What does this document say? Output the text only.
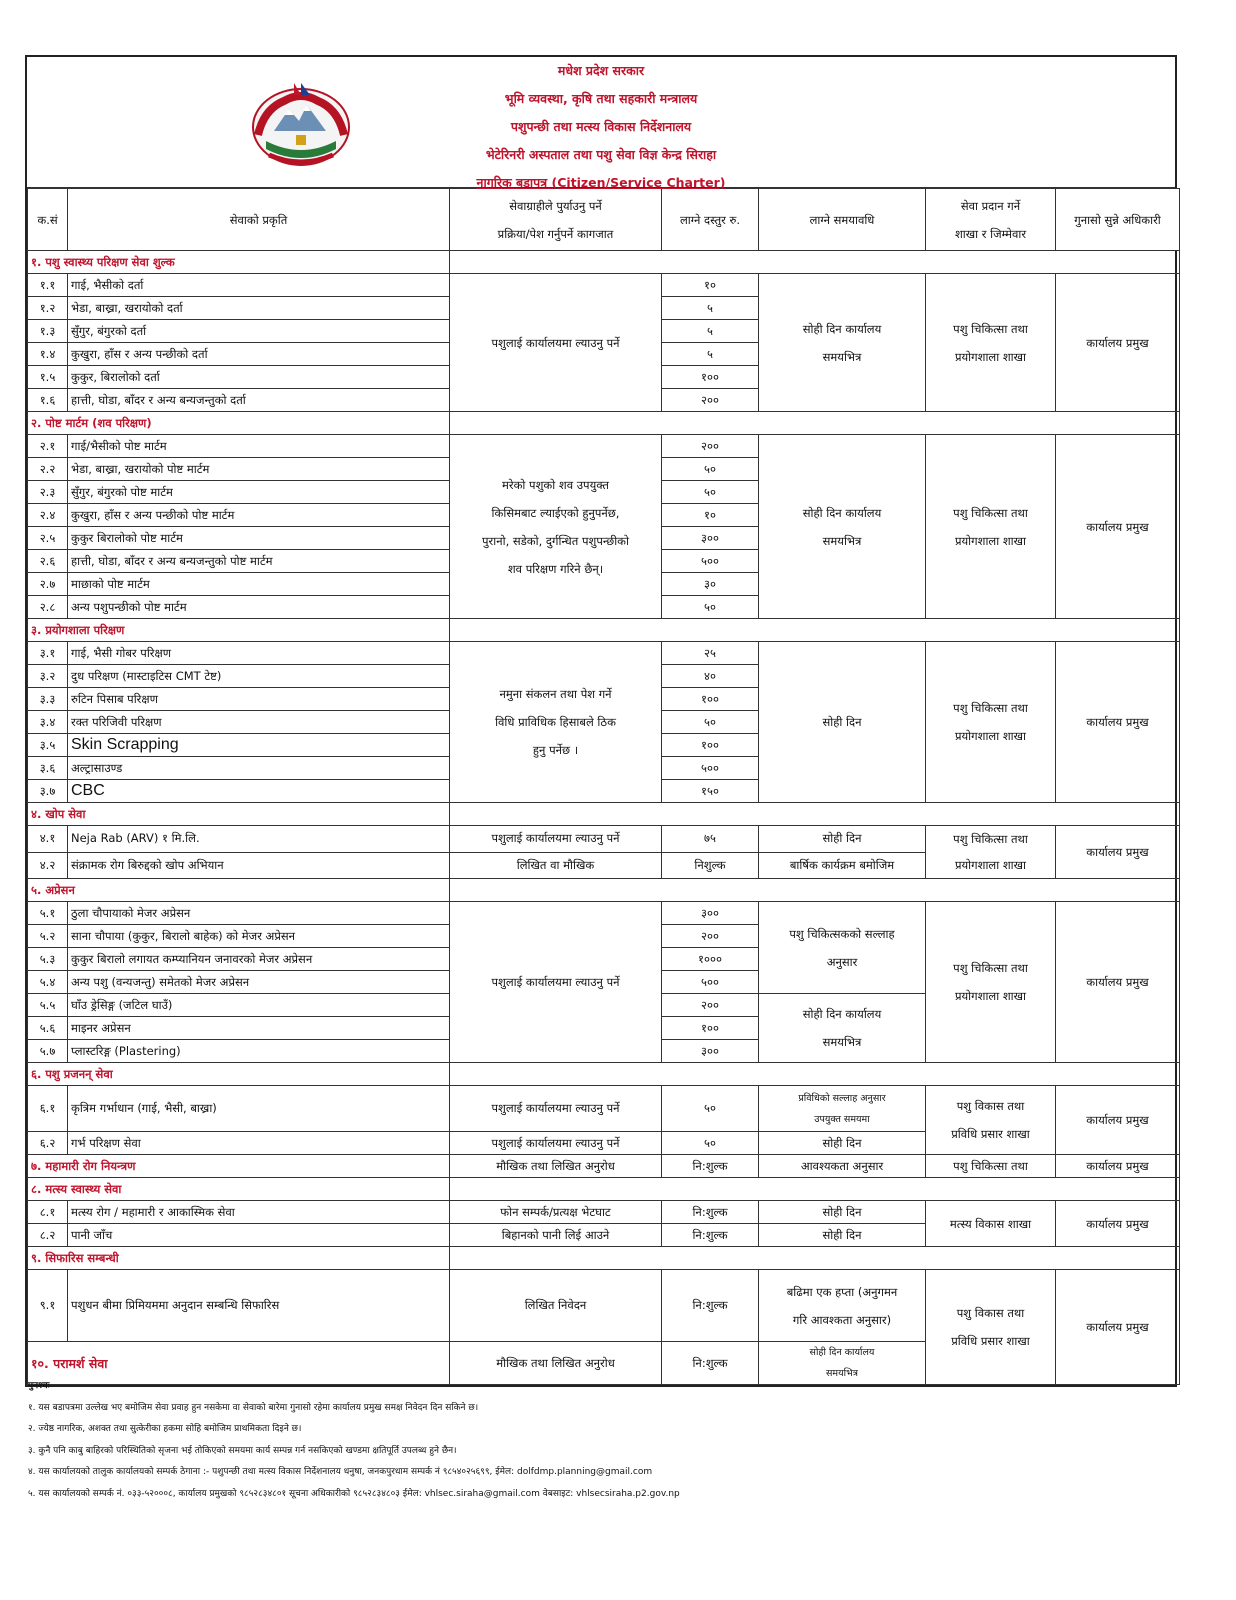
मधेश प्रदेश सरकार
भूमि व्यवस्था, कृषि तथा सहकारी मन्त्रालय
पशुपन्छी तथा मत्स्य विकास निर्देशनालय
भेटेरिनरी अस्पताल तथा पशु सेवा विज्ञ केन्द्र सिराहा
नागरिक बडापत्र (Citizen/Service Charter)
क.सं	सेवाको प्रकृति	सेवाग्राहीले पुर्याउनु पर्ने
प्रक्रिया/पेश गर्नुपर्ने कागजात	लाग्ने दस्तुर रु.	लाग्ने समयावधि	सेवा प्रदान गर्ने
शाखा र जिम्मेवार	गुनासो सुन्ने अधिकारी
१. पशु स्वास्थ्य परिक्षण सेवा शुल्क						
१.१	गाई, भैसीको दर्ता	पशुलाई कार्यालयमा ल्याउनु पर्ने	१०	सोही दिन कार्यालय
समयभित्र	पशु चिकित्सा तथा
प्रयोगशाला शाखा	कार्यालय प्रमुख
१.२	भेडा, बाख्रा, खरायोको दर्ता		५			
१.३	सुँगुर, बंगुरको दर्ता		५			
१.४	कुखुरा, हाँस र अन्य पन्छीको दर्ता		५			
१.५	कुकुर, बिरालोको दर्ता		१००			
१.६	हात्ती, घोडा, बाँदर र अन्य बन्यजन्तुको दर्ता		२००			
२. पोष्ट मार्टम (शव परिक्षण)						
२.१	गाई/भैसीको पोष्ट मार्टम	मरेको पशुको शव उपयुक्त
किसिमबाट ल्याईएको हुनुपर्नेछ,
पुरानो, सडेको, दुर्गन्धित पशुपन्छीको
शव परिक्षण गरिने छैन्।	२००	सोही दिन कार्यालय
समयभित्र	पशु चिकित्सा तथा
प्रयोगशाला शाखा	कार्यालय प्रमुख
२.२	भेडा, बाख्रा, खरायोको पोष्ट मार्टम		५०			
२.३	सुँगुर, बंगुरको पोष्ट मार्टम		५०			
२.४	कुखुरा, हाँस र अन्य पन्छीको पोष्ट मार्टम		१०			
२.५	कुकुर बिरालोको पोष्ट मार्टम		३००			
२.६	हात्ती, घोडा, बाँदर र अन्य बन्यजन्तुको पोष्ट मार्टम		५००			
२.७	माछाको पोष्ट मार्टम		३०			
२.८	अन्य पशुपन्छीको पोष्ट मार्टम		५०			
३. प्रयोगशाला परिक्षण						
३.१	गाई, भैसी गोबर परिक्षण	नमुना संकलन तथा पेश गर्ने
विधि प्राविधिक हिसाबले ठिक
हुनु पर्नेछ ।	२५	सोही दिन	पशु चिकित्सा तथा
प्रयोगशाला शाखा	कार्यालय प्रमुख
३.२	दुध परिक्षण (मास्टाइटिस CMT टेष्ट)		४०			
३.३	रुटिन पिसाब परिक्षण		१००			
३.४	रक्त परिजिवी परिक्षण		५०			
३.५	Skin Scrapping		१००			
३.६	अल्ट्रासाउण्ड		५००			
३.७	CBC		१५०			
४. खोप सेवा						
४.१	Neja Rab (ARV) १ मि.लि.	पशुलाई कार्यालयमा ल्याउनु पर्ने	७५	सोही दिन	पशु चिकित्सा तथा
प्रयोगशाला शाखा	कार्यालय प्रमुख
४.२	संक्रामक रोग बिरुद्दको खोप अभियान	लिखित वा मौखिक	निशुल्क	बार्षिक कार्यक्रम बमोजिम		
५. अप्रेसन						
५.१	ठुला चौपायाको मेजर अप्रेसन	पशुलाई कार्यालयमा ल्याउनु पर्ने	३००	पशु चिकित्सकको सल्लाह
अनुसार	पशु चिकित्सा तथा
प्रयोगशाला शाखा	कार्यालय प्रमुख
५.२	साना चौपाया (कुकुर, बिरालो बाहेक) को मेजर अप्रेसन		२००			
५.३	कुकुर बिरालो लगायत कम्प्यानियन जनावरको मेजर अप्रेसन		१०००			
५.४	अन्य पशु (वन्यजन्तु) समेतको मेजर अप्रेसन		५००			
५.५	घाँउ ड्रेसिङ्ग (जटिल घाउँ)		२००	सोही दिन कार्यालय
समयभित्र		
५.६	माइनर अप्रेसन		१००			
५.७	प्लास्टरिङ्ग (Plastering)		३००			
६. पशु प्रजनन् सेवा						
६.१	कृत्रिम गर्भाधान (गाई, भैसी, बाख्रा)	पशुलाई कार्यालयमा ल्याउनु पर्ने	५०	प्रविधिको सल्लाह अनुसार
उपयुक्त समयमा	पशु विकास तथा
प्रविधि प्रसार शाखा	कार्यालय प्रमुख
६.२	गर्भ परिक्षण सेवा	पशुलाई कार्यालयमा ल्याउनु पर्ने	५०	सोही दिन		
७. महामारी रोग नियन्त्रण		मौखिक तथा लिखित अनुरोध	नि:शुल्क	आवश्यकता अनुसार	पशु चिकित्सा तथा	कार्यालय प्रमुख
८. मत्स्य स्वास्थ्य सेवा						
८.१	मत्स्य रोग / महामारी र आकास्मिक सेवा	फोन सम्पर्क/प्रत्यक्ष भेटघाट	नि:शुल्क	सोही दिन	मत्स्य विकास शाखा	कार्यालय प्रमुख
८.२	पानी जाँच	बिहानको पानी लिई आउने	नि:शुल्क	सोही दिन		
९. सिफारिस सम्बन्धी						
९.१	पशुधन बीमा प्रिमियममा अनुदान सम्बन्धि सिफारिस	लिखित निवेदन	नि:शुल्क	बढिमा एक हप्ता (अनुगमन
गरि आवश्कता अनुसार)	पशु विकास तथा
प्रविधि प्रसार शाखा	कार्यालय प्रमुख
१०. परामर्श सेवा		मौखिक तथा लिखित अनुरोध	नि:शुल्क	सोही दिन कार्यालय
समयभित्र		
पुनश्चः
१. यस बडापत्रमा उल्लेख भए बमोजिम सेवा प्रवाह हुन नसकेमा वा सेवाको बारेमा गुनासो रहेमा कार्यालय प्रमुख समक्ष निवेदन दिन सकिने छ।
२. ज्येष्ठ नागरिक, अशक्त तथा सुत्केरीका हकमा सोहि बमोजिम प्राथमिकता दिइने छ।
३. कुनै पनि काबु बाहिरको परिस्थितिको सृजना भई तोकिएको समयमा कार्य सम्पन्न गर्न नसकिएको खण्डमा क्षतिपूर्ति उपलब्ध हुने छैन।
४. यस कार्यालयको तालुक कार्यालयको सम्पर्क ठेगाना :- पशुपन्छी तथा मत्स्य विकास निर्देशनालय धनुषा, जनकपुरधाम सम्पर्क नं ९८५४०२५६९९, ईमेल: dolfdmp.planning@gmail.com
५. यस कार्यालयको सम्पर्क नं. ०३३-५२०००८, कार्यालय प्रमुखको ९८५२८३४८०१ सूचना अधिकारीको ९८५२८३४८०३ ईमेल: vhlsec.siraha@gmail.com वेबसाइट: vhlsecsiraha.p2.gov.np
